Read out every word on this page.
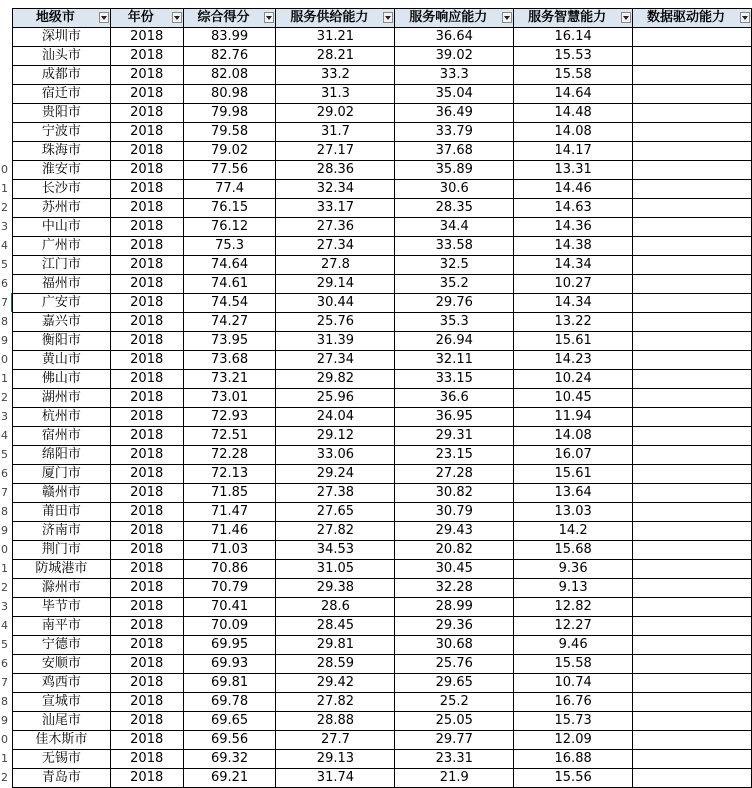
0
1
2
3
4
5
6
7
8
9
0
1
2
3
4
5
6
7
8
9
0
1
2
3
4
5
6
7
8
9
0
1
2
地级市	年份	综合得分	服务供给能力	服务响应能力	服务智慧能力	数据驱动能力

深圳市	2018	83.99	31.21	36.64	16.14	
汕头市	2018	82.76	28.21	39.02	15.53	
成都市	2018	82.08	33.2	33.3	15.58	
宿迁市	2018	80.98	31.3	35.04	14.64	
贵阳市	2018	79.98	29.02	36.49	14.48	
宁波市	2018	79.58	31.7	33.79	14.08	
珠海市	2018	79.02	27.17	37.68	14.17	
淮安市	2018	77.56	28.36	35.89	13.31	
长沙市	2018	77.4	32.34	30.6	14.46	
苏州市	2018	76.15	33.17	28.35	14.63	
中山市	2018	76.12	27.36	34.4	14.36	
广州市	2018	75.3	27.34	33.58	14.38	
江门市	2018	74.64	27.8	32.5	14.34	
福州市	2018	74.61	29.14	35.2	10.27	
广安市	2018	74.54	30.44	29.76	14.34	
嘉兴市	2018	74.27	25.76	35.3	13.22	
衡阳市	2018	73.95	31.39	26.94	15.61	
黄山市	2018	73.68	27.34	32.11	14.23	
佛山市	2018	73.21	29.82	33.15	10.24	
湖州市	2018	73.01	25.96	36.6	10.45	
杭州市	2018	72.93	24.04	36.95	11.94	
宿州市	2018	72.51	29.12	29.31	14.08	
绵阳市	2018	72.28	33.06	23.15	16.07	
厦门市	2018	72.13	29.24	27.28	15.61	
赣州市	2018	71.85	27.38	30.82	13.64	
莆田市	2018	71.47	27.65	30.79	13.03	
济南市	2018	71.46	27.82	29.43	14.2	
荆门市	2018	71.03	34.53	20.82	15.68	
防城港市	2018	70.86	31.05	30.45	9.36	
滁州市	2018	70.79	29.38	32.28	9.13	
毕节市	2018	70.41	28.6	28.99	12.82	
南平市	2018	70.09	28.45	29.36	12.27	
宁德市	2018	69.95	29.81	30.68	9.46	
安顺市	2018	69.93	28.59	25.76	15.58	
鸡西市	2018	69.81	29.42	29.65	10.74	
宣城市	2018	69.78	27.82	25.2	16.76	
汕尾市	2018	69.65	28.88	25.05	15.73	
佳木斯市	2018	69.56	27.7	29.77	12.09	
无锡市	2018	69.32	29.13	23.31	16.88	
青岛市	2018	69.21	31.74	21.9	15.56	
